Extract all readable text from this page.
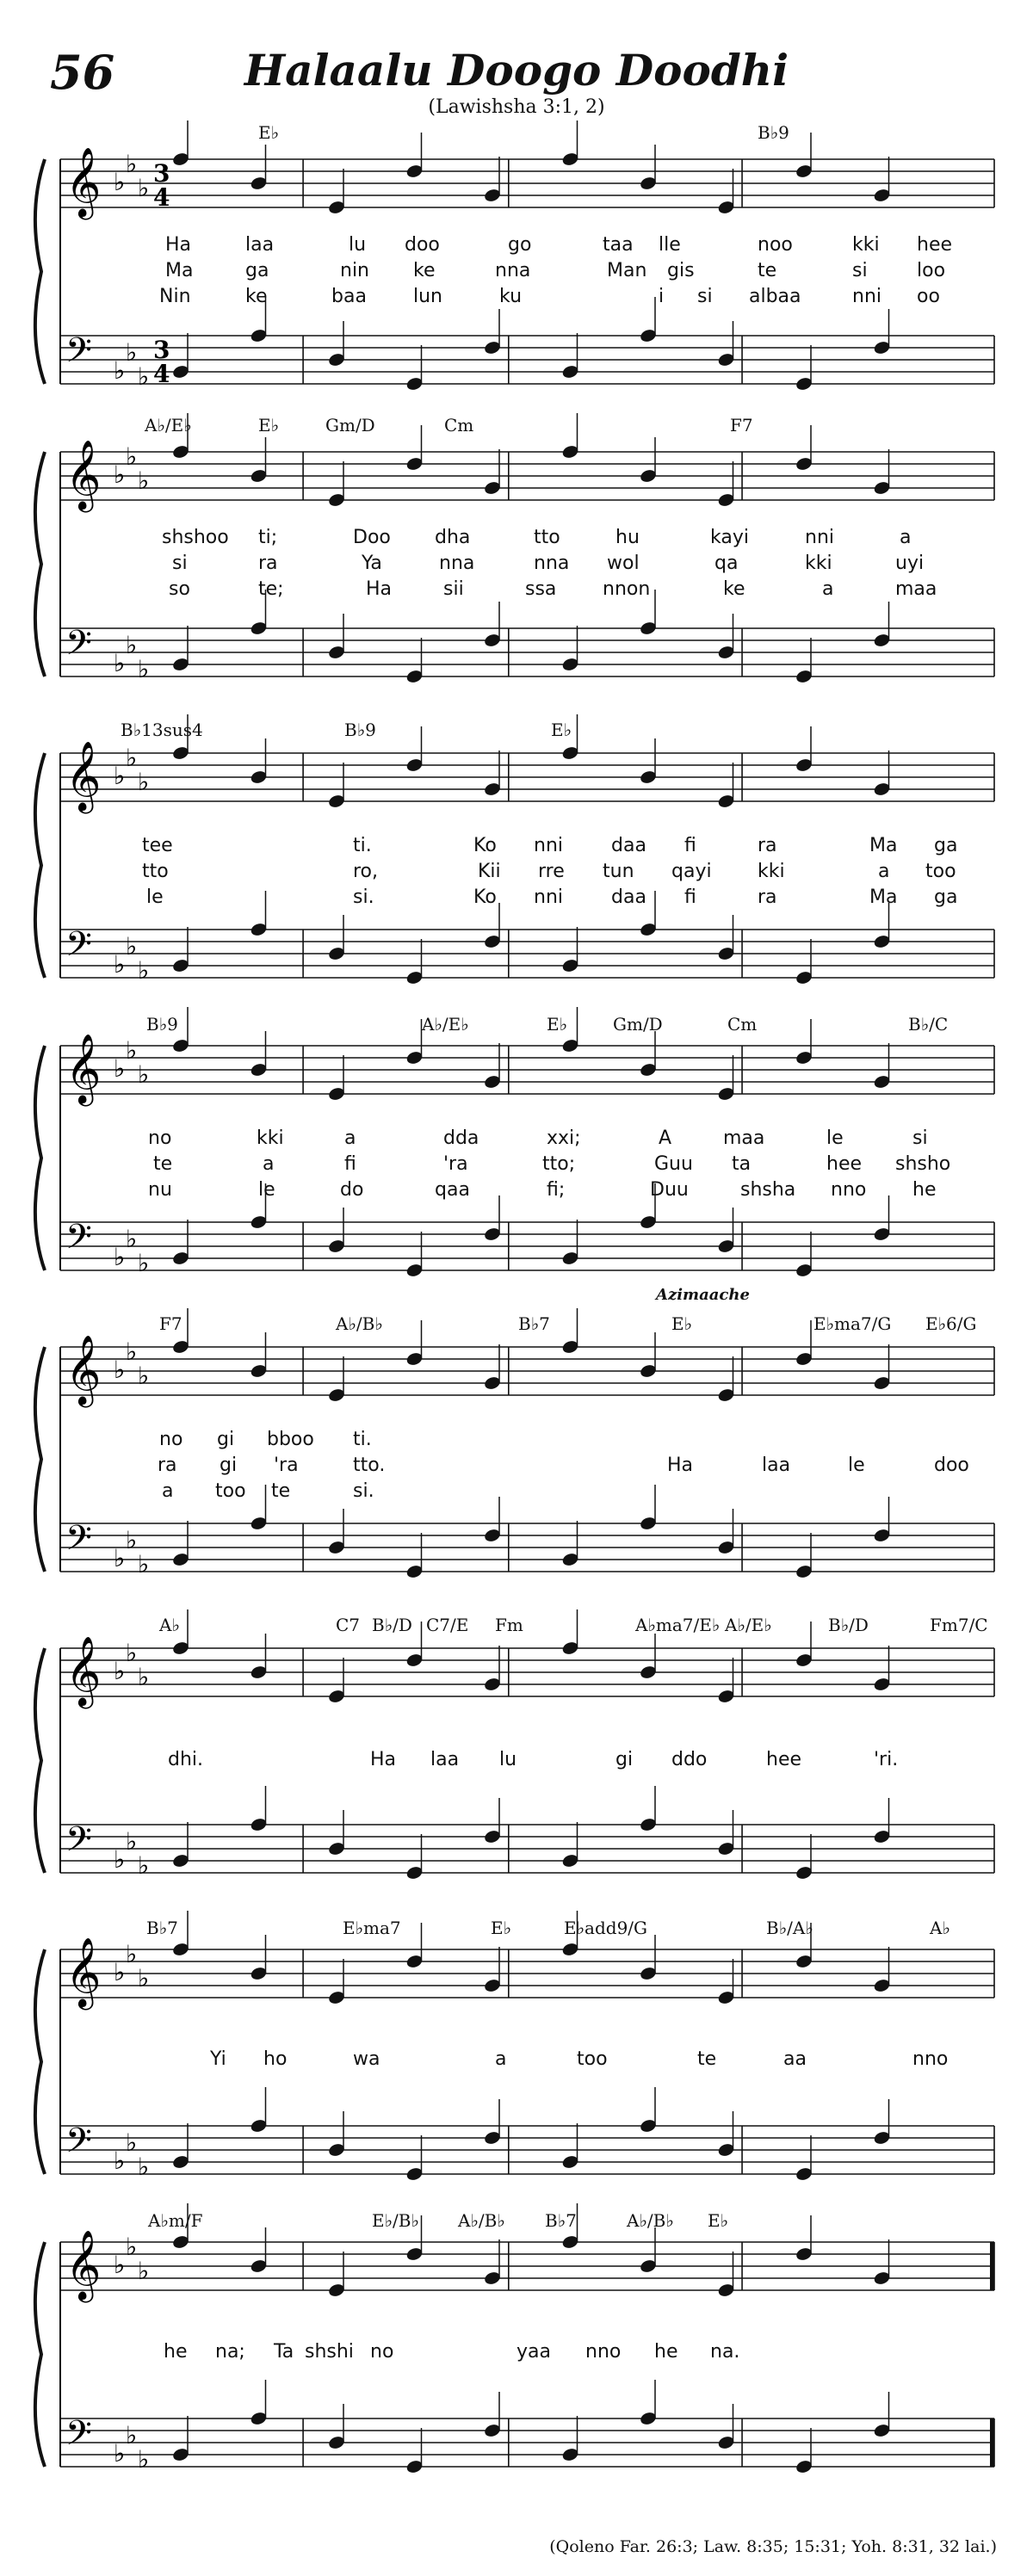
56	Halaalu Doogo Doodhi
(Lawishsha 3:1, 2)
𝄞 ♭
♭
♭
𝄢 ♭
♭
♭
3
4
3
4
E♭	B♭9
Ha	laa	lu doo	go	taa lle	noo	kki hee
Ma	ga	nin ke	nna	Man gis	te	si	loo
Nin	ke	baa lun	ku	i si albaa	nni oo
𝄞 ♭
♭
♭
𝄢 ♭
♭
♭
A♭/E♭	E♭	Gm/D	Cm	F7
shshoo ti;	Doo dha	tto	hu	kayi	nni	a
si	ra	Ya	nna	nna wol	qa	kki	uyi
so	te;	Ha	sii	ssa nnon	ke	a	maa
𝄞 ♭
♭
♭
𝄢 ♭
♭
♭
B♭13sus4	B♭9	E♭
tee	ti.	Ko nni	daa fi	ra	Ma ga
tto	ro,	Kii rre tun qayi kki	a too
le	si.	Ko nni	daa fi	ra	Ma ga
𝄞 ♭
♭
♭
𝄢 ♭
♭
♭
B♭9	A♭/E♭	E♭	Gm/D	Cm	B♭/C
no	kki	a	dda	xxi;	A	maa	le	si
te	a	fi	'ra	tto;	Guu ta	hee shsho
nu	le	do	qaa	fi;	Duu	shsha nno he
𝄞 ♭
♭
♭
𝄢 ♭
♭
♭
Azimaache
F7	A♭/B♭	B♭7	E♭	E♭ma7/G E♭6/G
no gi bboo ti.
ra gi 'ra	tto.	Ha	laa	le	doo
a too te	si.
𝄞 ♭
♭
♭
𝄢 ♭
♭
♭
A♭	C7 B♭/D C7/E Fm	A♭ma7/E♭ A♭/E♭	B♭/D	Fm7/C
dhi.	Ha laa lu	gi ddo	hee	'ri.
𝄞 ♭
♭
♭
𝄢 ♭
♭
♭
B♭7	E♭ma7	E♭	E♭add9/G	B♭/A♭	A♭
Yi ho	wa	a	too	te	aa	nno
𝄞 ♭
♭
♭
𝄢 ♭
♭
♭
A♭m/F	E♭/B♭ A♭/B♭ B♭7	A♭/B♭ E♭
he na; Ta shshi no	yaa nno he na.
(Qoleno Far. 26:3; Law. 8:35; 15:31; Yoh. 8:31, 32 lai.)
